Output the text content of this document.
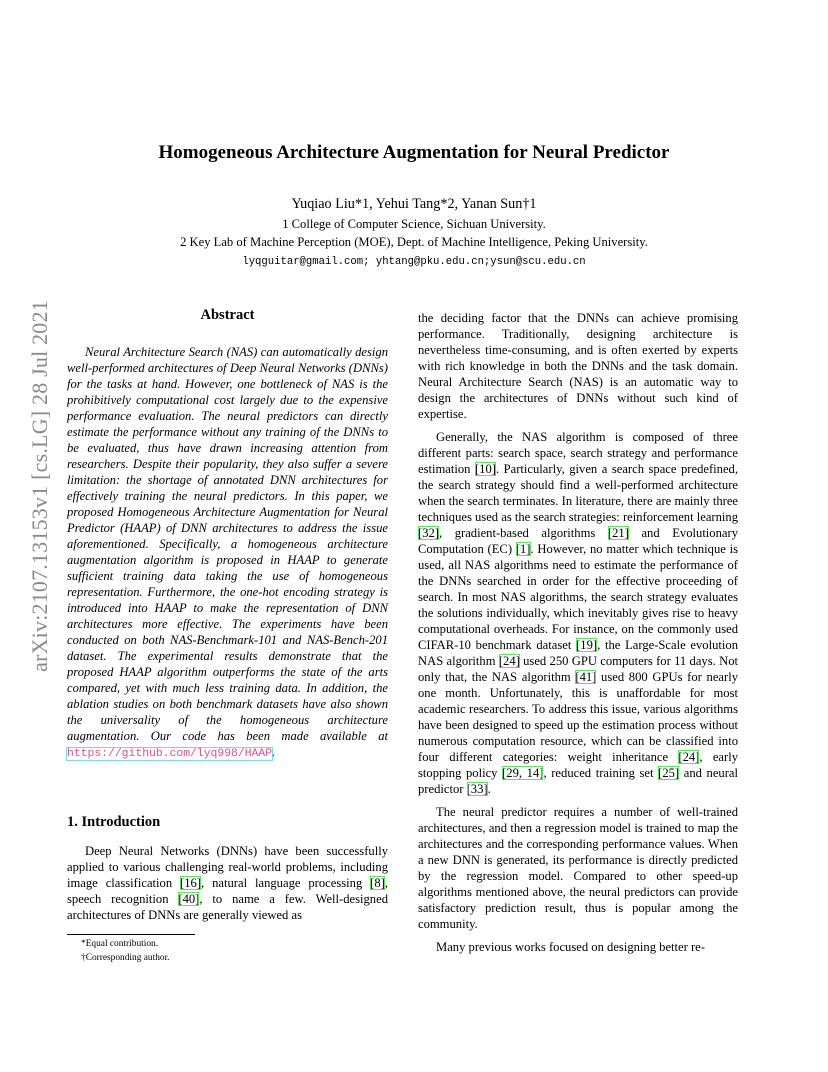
arXiv:2107.13153v1 [cs.LG] 28 Jul 2021
Homogeneous Architecture Augmentation for Neural Predictor
Yuqiao Liu*1, Yehui Tang*2, Yanan Sun†1
1 College of Computer Science, Sichuan University.
2 Key Lab of Machine Perception (MOE), Dept. of Machine Intelligence, Peking University.
lyqguitar@gmail.com; yhtang@pku.edu.cn;ysun@scu.edu.cn
Abstract
Neural Architecture Search (NAS) can automatically design well-performed architectures of Deep Neural Networks (DNNs) for the tasks at hand. However, one bottleneck of NAS is the prohibitively computational cost largely due to the expensive performance evaluation. The neural predictors can directly estimate the performance without any training of the DNNs to be evaluated, thus have drawn increasing attention from researchers. Despite their popularity, they also suffer a severe limitation: the shortage of annotated DNN architectures for effectively training the neural predictors. In this paper, we proposed Homogeneous Architecture Augmentation for Neural Predictor (HAAP) of DNN architectures to address the issue aforementioned. Specifically, a homogeneous architecture augmentation algorithm is proposed in HAAP to generate sufficient training data taking the use of homogeneous representation. Furthermore, the one-hot encoding strategy is introduced into HAAP to make the representation of DNN architectures more effective. The experiments have been conducted on both NAS-Benchmark-101 and NAS-Bench-201 dataset. The experimental results demonstrate that the proposed HAAP algorithm outperforms the state of the arts compared, yet with much less training data. In addition, the ablation studies on both benchmark datasets have also shown the universality of the homogeneous architecture augmentation. Our code has been made available at https://github.com/lyq998/HAAP.
1. Introduction
Deep Neural Networks (DNNs) have been successfully applied to various challenging real-world problems, including image classification [16], natural language processing [8], speech recognition [40], to name a few. Well-designed architectures of DNNs are generally viewed as
*Equal contribution.
†Corresponding author.

the deciding factor that the DNNs can achieve promising performance. Traditionally, designing architecture is nevertheless time-consuming, and is often exerted by experts with rich knowledge in both the DNNs and the task domain. Neural Architecture Search (NAS) is an automatic way to design the architectures of DNNs without such kind of expertise.

Generally, the NAS algorithm is composed of three different parts: search space, search strategy and performance estimation [10]. Particularly, given a search space predefined, the search strategy should find a well-performed architecture when the search terminates. In literature, there are mainly three techniques used as the search strategies: reinforcement learning [32], gradient-based algorithms [21] and Evolutionary Computation (EC) [1]. However, no matter which technique is used, all NAS algorithms need to estimate the performance of the DNNs searched in order for the effective proceeding of search. In most NAS algorithms, the search strategy evaluates the solutions individually, which inevitably gives rise to heavy computational overheads. For instance, on the commonly used CIFAR-10 benchmark dataset [19], the Large-Scale evolution NAS algorithm [24] used 250 GPU computers for 11 days. Not only that, the NAS algorithm [41] used 800 GPUs for nearly one month. Unfortunately, this is unaffordable for most academic researchers. To address this issue, various algorithms have been designed to speed up the estimation process without numerous computation resource, which can be classified into four different categories: weight inheritance [24], early stopping policy [29, 14], reduced training set [25] and neural predictor [33].

The neural predictor requires a number of well-trained architectures, and then a regression model is trained to map the architectures and the corresponding performance values. When a new DNN is generated, its performance is directly predicted by the regression model. Compared to other speed-up algorithms mentioned above, the neural predictors can provide satisfactory prediction result, thus is popular among the community.

Many previous works focused on designing better re-
